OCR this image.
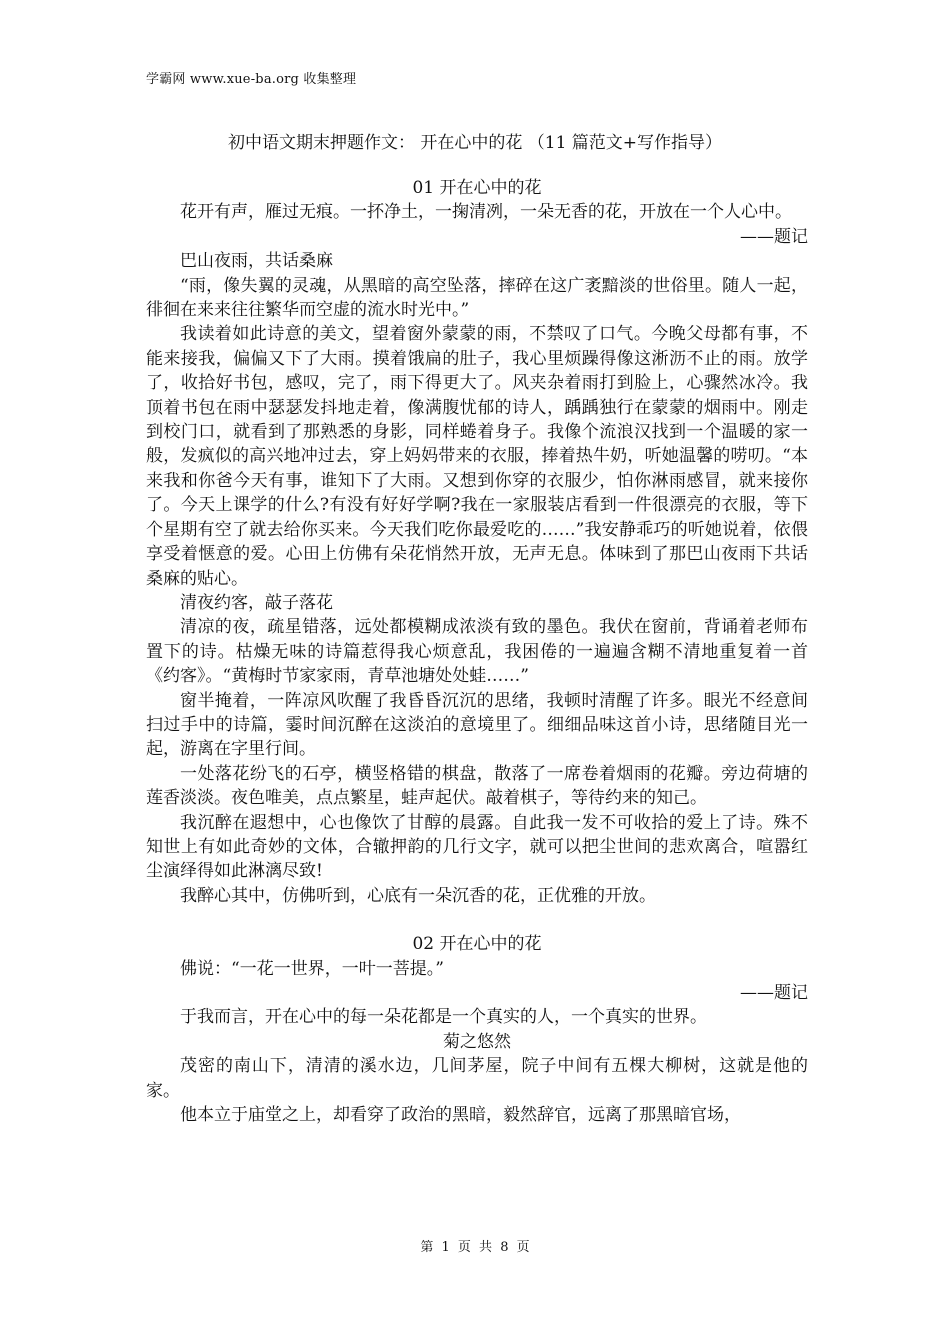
学霸网 www.xue-ba.org 收集整理
初中语文期末押题作文： 开在心中的花 （11 篇范文+写作指导）

01 开在心中的花

花开有声，雁过无痕。一抔净土，一掬清冽，一朵无香的花，开放在一个人心中。

——题记

巴山夜雨，共话桑麻

“雨，像失翼的灵魂，从黑暗的高空坠落，摔碎在这广袤黯淡的世俗里。随人一起，徘徊在来来往往繁华而空虚的流水时光中。”

我读着如此诗意的美文，望着窗外蒙蒙的雨，不禁叹了口气。今晚父母都有事，不能来接我，偏偏又下了大雨。摸着饿扁的肚子，我心里烦躁得像这淅沥不止的雨。放学了，收拾好书包，感叹，完了，雨下得更大了。风夹杂着雨打到脸上，心骤然冰冷。我顶着书包在雨中瑟瑟发抖地走着，像满腹忧郁的诗人，踽踽独行在蒙蒙的烟雨中。刚走到校门口，就看到了那熟悉的身影，同样蜷着身子。我像个流浪汉找到一个温暖的家一般，发疯似的高兴地冲过去，穿上妈妈带来的衣服，捧着热牛奶，听她温馨的唠叨。“本来我和你爸今天有事，谁知下了大雨。又想到你穿的衣服少，怕你淋雨感冒，就来接你了。今天上课学的什么?有没有好好学啊?我在一家服装店看到一件很漂亮的衣服，等下个星期有空了就去给你买来。今天我们吃你最爱吃的……”我安静乖巧的听她说着，依偎享受着惬意的爱。心田上仿佛有朵花悄然开放，无声无息。体味到了那巴山夜雨下共话桑麻的贴心。

清夜约客，敲子落花

清凉的夜，疏星错落，远处都模糊成浓淡有致的墨色。我伏在窗前，背诵着老师布置下的诗。枯燥无味的诗篇惹得我心烦意乱，我困倦的一遍遍含糊不清地重复着一首《约客》。“黄梅时节家家雨，青草池塘处处蛙……”

窗半掩着，一阵凉风吹醒了我昏昏沉沉的思绪，我顿时清醒了许多。眼光不经意间扫过手中的诗篇，霎时间沉醉在这淡泊的意境里了。细细品味这首小诗，思绪随目光一起，游离在字里行间。

一处落花纷飞的石亭，横竖格错的棋盘，散落了一席卷着烟雨的花瓣。旁边荷塘的莲香淡淡。夜色唯美，点点繁星，蛙声起伏。敲着棋子，等待约来的知己。

我沉醉在遐想中，心也像饮了甘醇的晨露。自此我一发不可收拾的爱上了诗。殊不知世上有如此奇妙的文体，合辙押韵的几行文字，就可以把尘世间的悲欢离合，喧嚣红尘演绎得如此淋漓尽致!

我醉心其中，仿佛听到，心底有一朵沉香的花，正优雅的开放。

02 开在心中的花

佛说：“一花一世界，一叶一菩提。”

——题记

于我而言，开在心中的每一朵花都是一个真实的人，一个真实的世界。

菊之悠然

茂密的南山下，清清的溪水边，几间茅屋，院子中间有五棵大柳树，这就是他的家。

他本立于庙堂之上，却看穿了政治的黑暗，毅然辞官，远离了那黑暗官场，

第 1 页 共 8 页
